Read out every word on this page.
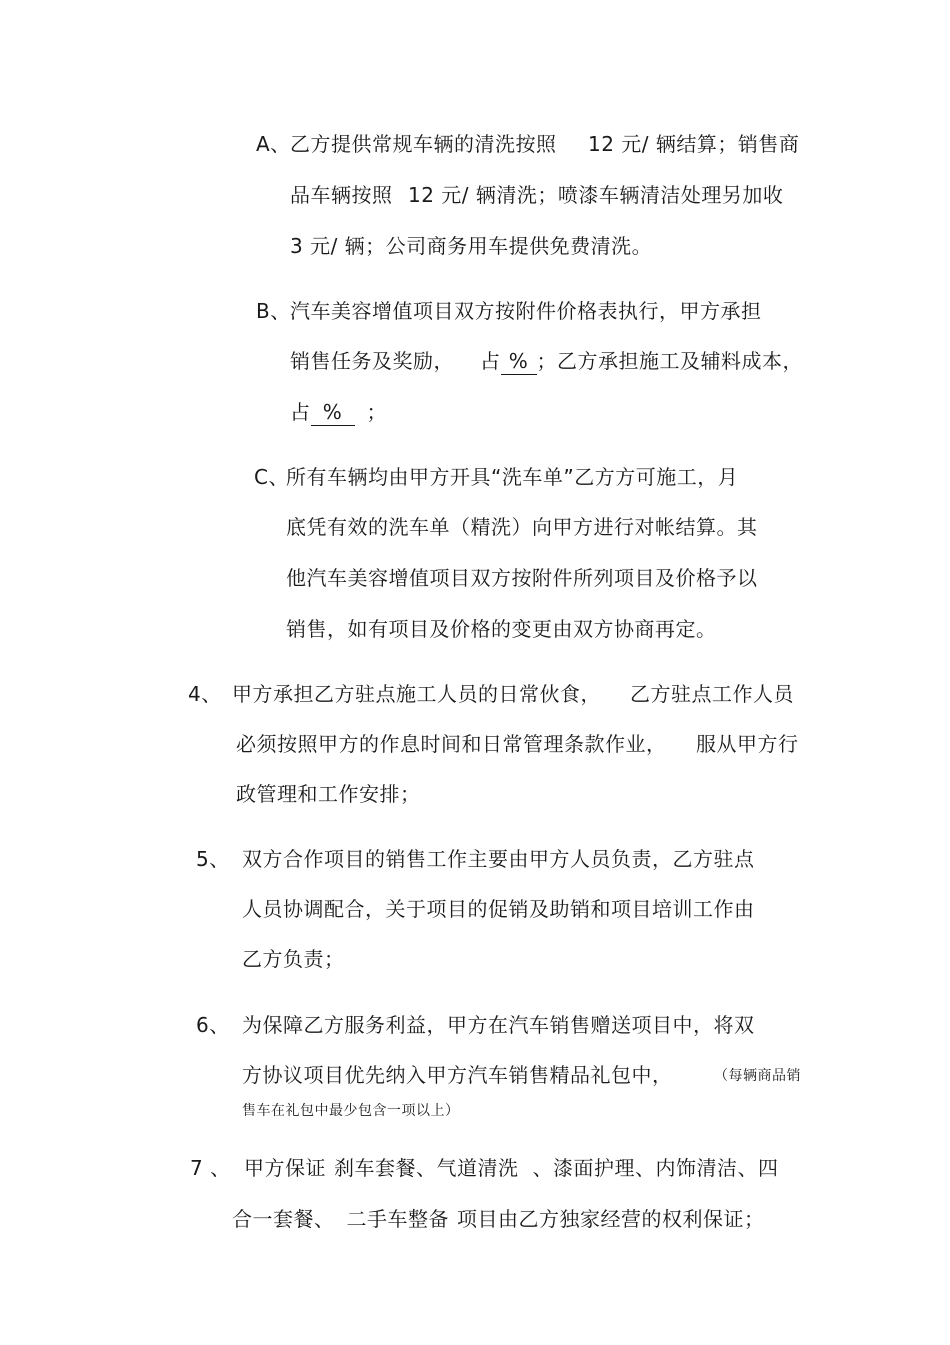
A、 乙方提供常规车辆的清洗按照 12 元/ 辆结算；销售商
品车辆按照 12 元/ 辆清洗；喷漆车辆清洁处理另加收
3 元/ 辆；公司商务用车提供免费清洗。
B、 汽车美容增值项目双方按附件价格表执行，甲方承担
销售任务及奖励， 占 % ；乙方承担施工及辅料成本，
占 % ；
C、
所有车辆均由甲方开具“洗车单”乙方方可施工，月
底凭有效的洗车单（精洗）向甲方进行对帐结算。其
他汽车美容增值项目双方按附件所列项目及价格予以
销售，如有项目及价格的变更由双方协商再定。
4、 甲方承担乙方驻点施工人员的日常伙食， 乙方驻点工作人员
必须按照甲方的作息时间和日常管理条款作业， 服从甲方行
政管理和工作安排；
5、 双方合作项目的销售工作主要由甲方人员负责，乙方驻点
人员协调配合，关于项目的促销及助销和项目培训工作由
乙方负责；
6、 为保障乙方服务利益，甲方在汽车销售赠送项目中，将双
方协议项目优先纳入甲方汽车销售精品礼包中，	（每辆商品销
售车在礼包中最少包含一项以上）
7 、 甲方保证 刹车套餐、气道清洗 、漆面护理、内饰清洁、四
合一套餐、 二手车整备 项目由乙方独家经营的权利保证；
